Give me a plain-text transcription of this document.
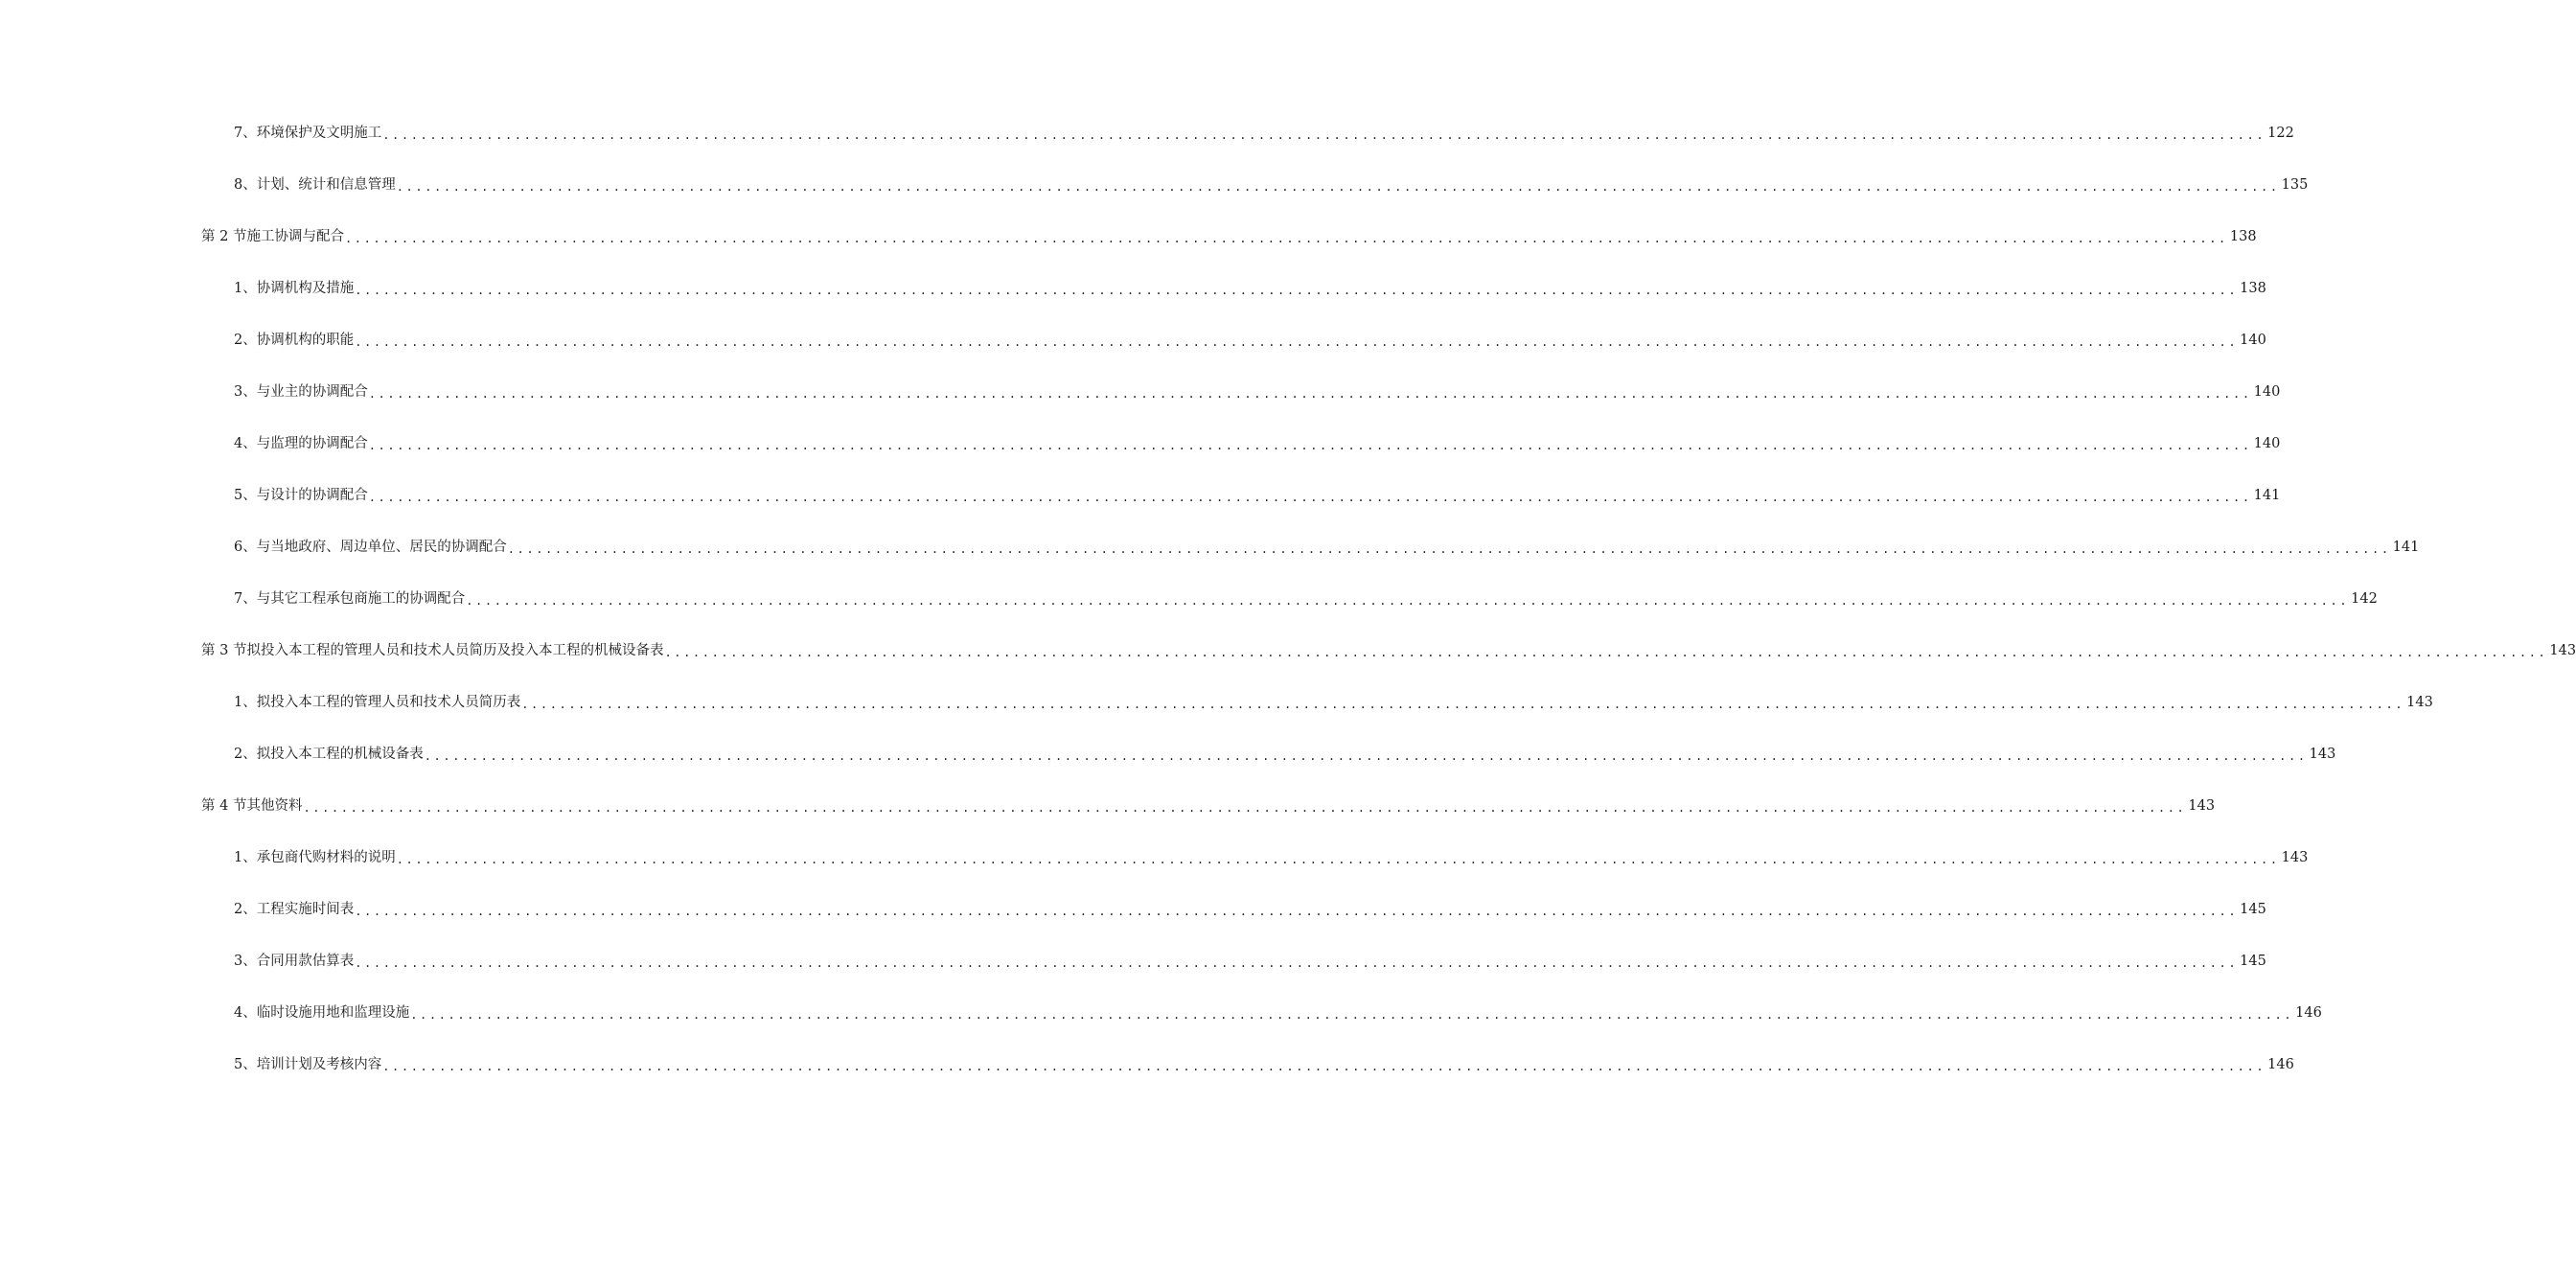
7、 环境保护及文明施工 ........................................................................................................................................................................................................ 122
8、 计划、统计和信息管理 ........................................................................................................................................................................................................ 135
第 2 节 施工协调与配合 ........................................................................................................................................................................................................ 138
1、 协调机构及措施 ........................................................................................................................................................................................................ 138
2、 协调机构的职能 ........................................................................................................................................................................................................ 140
3、 与业主的协调配合 ........................................................................................................................................................................................................ 140
4、 与监理的协调配合 ........................................................................................................................................................................................................ 140
5、 与设计的协调配合 ........................................................................................................................................................................................................ 141
6、 与当地政府、周边单位、居民的协调配合 ........................................................................................................................................................................................................ 141
7、 与其它工程承包商施工的协调配合 ........................................................................................................................................................................................................ 142
第 3 节 拟投入本工程的管理人员和技术人员简历及投入本工程的机械设备表 ........................................................................................................................................................................................................ 143
1、 拟投入本工程的管理人员和技术人员简历表 ........................................................................................................................................................................................................ 143
2、 拟投入本工程的机械设备表 ........................................................................................................................................................................................................ 143
第 4 节 其他资料 ........................................................................................................................................................................................................ 143
1、 承包商代购材料的说明 ........................................................................................................................................................................................................ 143
2、 工程实施时间表 ........................................................................................................................................................................................................ 145
3、 合同用款估算表 ........................................................................................................................................................................................................ 145
4、 临时设施用地和监理设施 ........................................................................................................................................................................................................ 146
5、 培训计划及考核内容 ........................................................................................................................................................................................................ 146
